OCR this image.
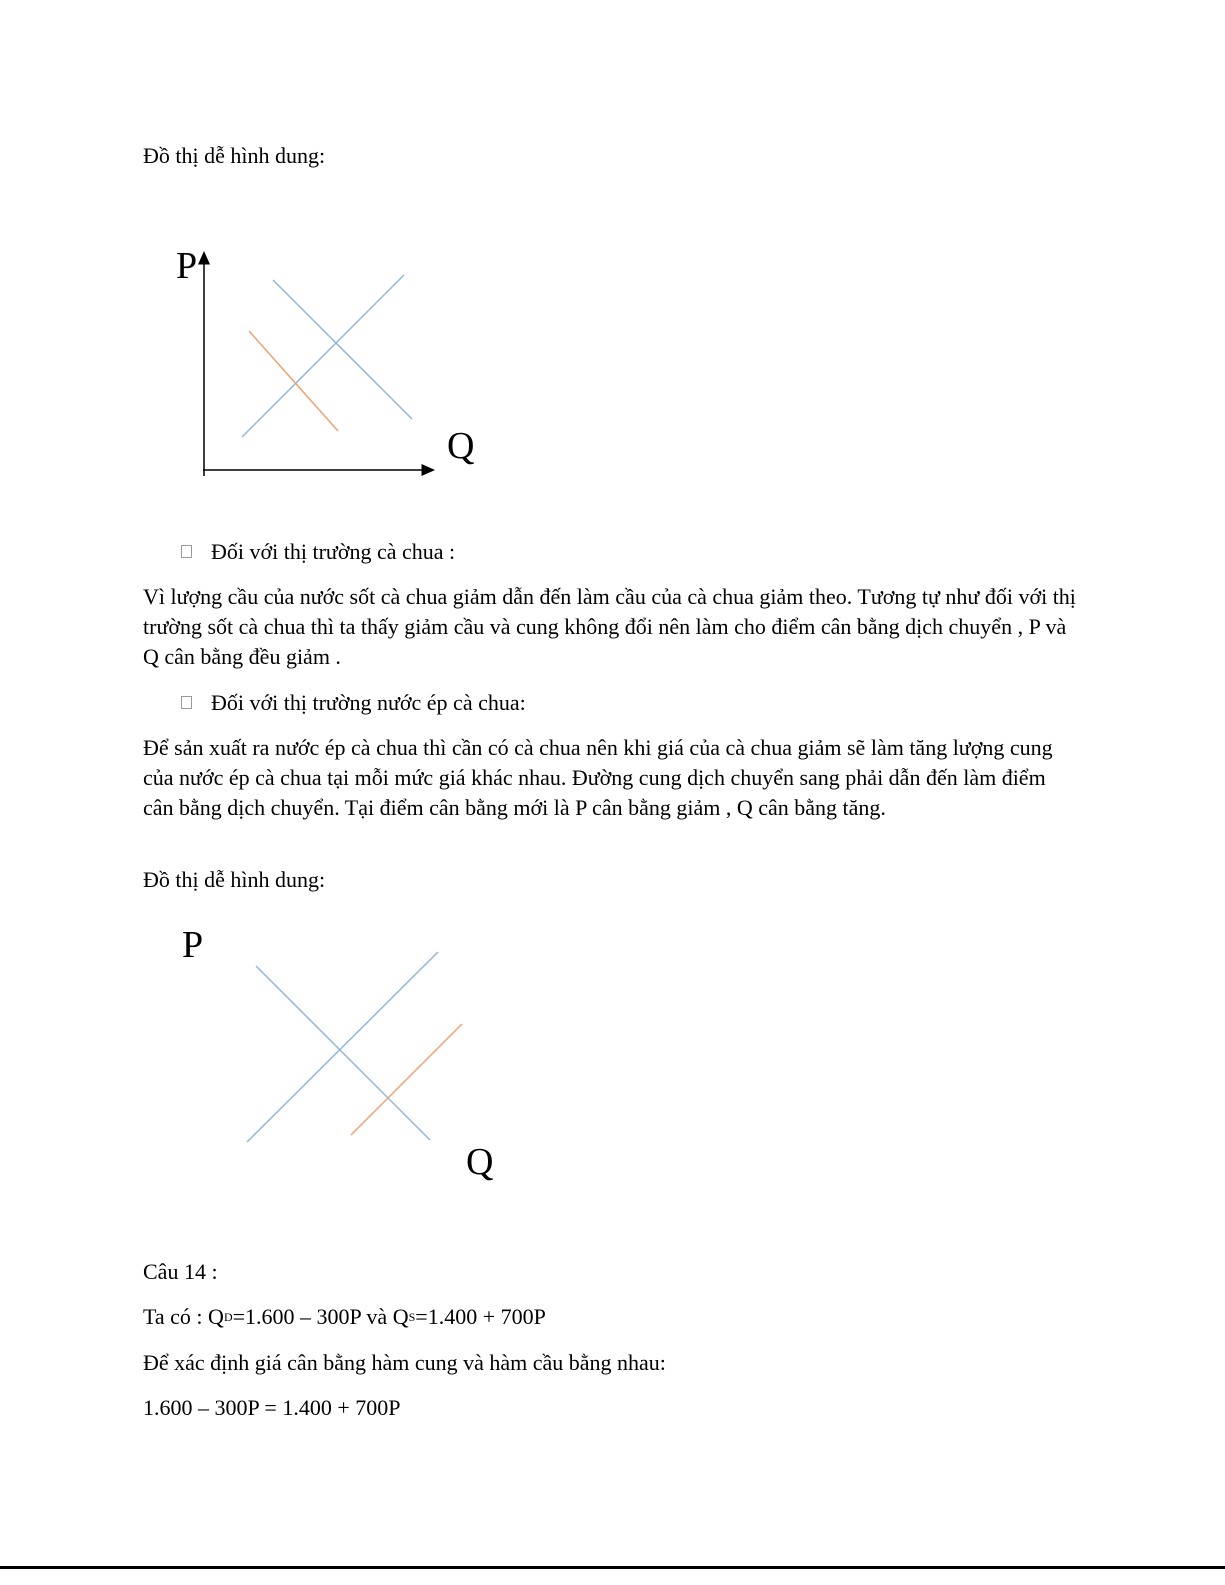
Đồ thị dễ hình dung:

P
Q

Đối với thị trường cà chua :

Vì lượng cầu của nước sốt cà chua giảm dẫn đến làm cầu của cà chua giảm theo. Tương tự như đối với thị trường sốt cà chua thì ta thấy giảm cầu và cung không đổi nên làm cho điểm cân bằng dịch chuyển , P và Q cân bằng đều giảm .

Đối với thị trường nước ép cà chua:

Để sản xuất ra nước ép cà chua thì cần có cà chua nên khi giá của cà chua giảm sẽ làm tăng lượng cung của nước ép cà chua tại mỗi mức giá khác nhau. Đường cung dịch chuyển sang phải dẫn đến làm điểm cân bằng dịch chuyển. Tại điểm cân bằng mới là P cân bằng giảm , Q cân bằng tăng.

Đồ thị dễ hình dung:

P
Q

Câu 14 :

Ta có : $Q^D=1.600 - 300P$ và $Q^S=1.400 + 700P$

Để xác định giá cân bằng hàm cung và hàm cầu bằng nhau:

1.600 – 300P = 1.400 + 700P
